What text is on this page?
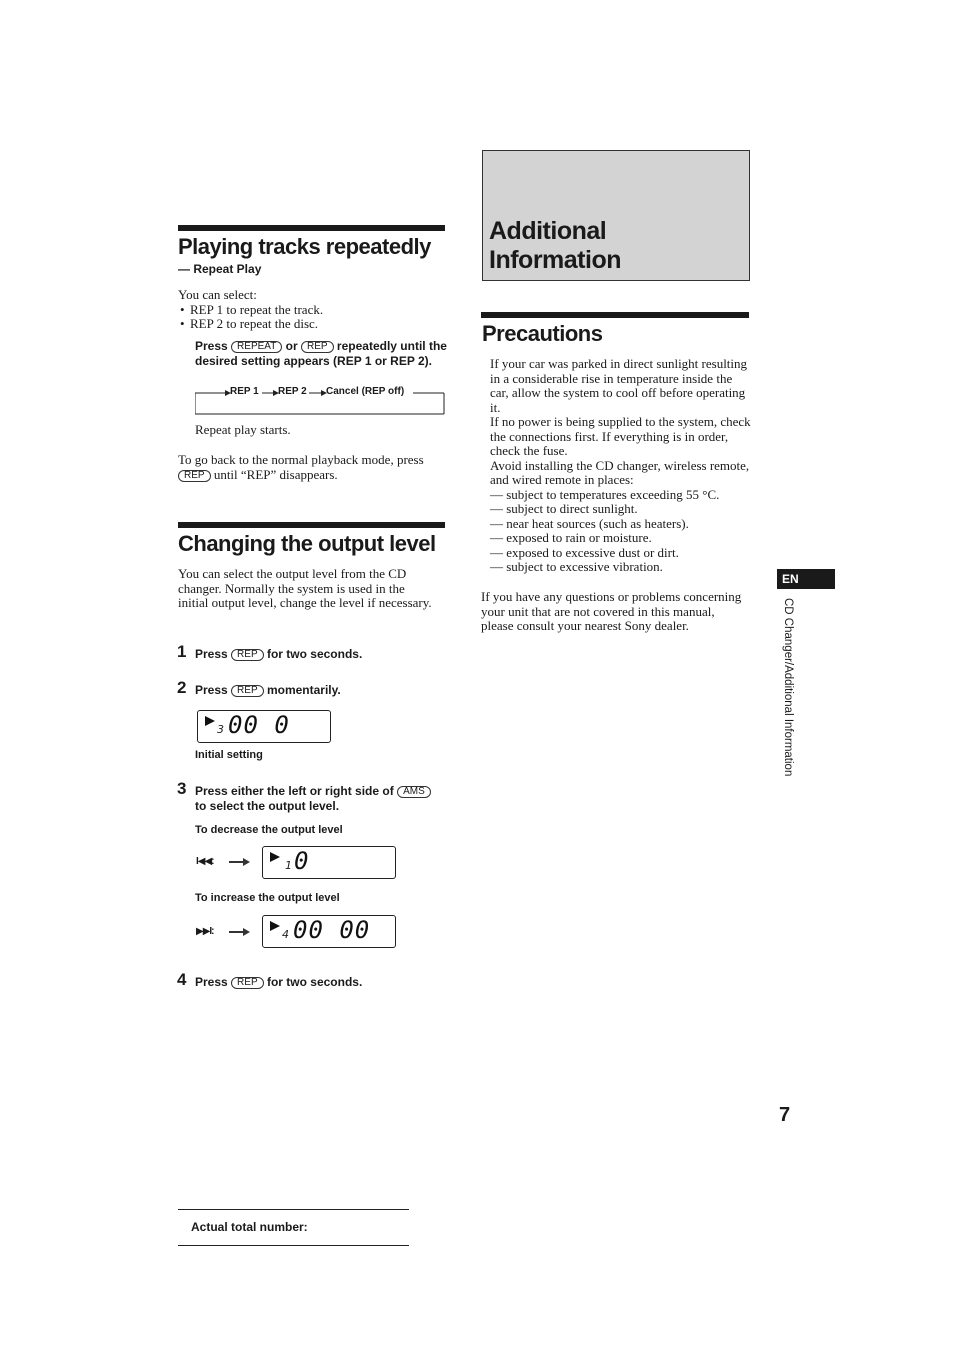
Playing tracks repeatedly
— Repeat Play
You can select:
• REP 1 to repeat the track.
• REP 2 to repeat the disc.
Press REPEAT or REP repeatedly until the desired setting appears (REP 1 or REP 2).
REP 1 REP 2 Cancel (REP off)
Repeat play starts.
To go back to the normal playback mode, press REP until “REP” disappears.
Changing the output level
You can select the output level from the CD changer. Normally the system is used in the initial output level, change the level if necessary.
1 Press REP for two seconds.
2 Press REP momentarily.
3 00 0
Initial setting
3 Press either the left or right side of AMS to select the output level.
To decrease the output level
I◀◀:	1 0
To increase the output level
▶▶I:	4 00 00
4 Press REP for two seconds.
Additional
Information
Precautions
If your car was parked in direct sunlight resulting in a considerable rise in temperature inside the car, allow the system to cool off before operating it.
If no power is being supplied to the system, check the connections first. If everything is in order, check the fuse.
Avoid installing the CD changer, wireless remote, and wired remote in places:
— subject to temperatures exceeding 55 °C.
— subject to direct sunlight.
— near heat sources (such as heaters).
— exposed to rain or moisture.
— exposed to excessive dust or dirt.
— subject to excessive vibration.
If you have any questions or problems concerning your unit that are not covered in this manual, please consult your nearest Sony dealer.
EN
CD Changer/Additional Information
7
Actual total number:
